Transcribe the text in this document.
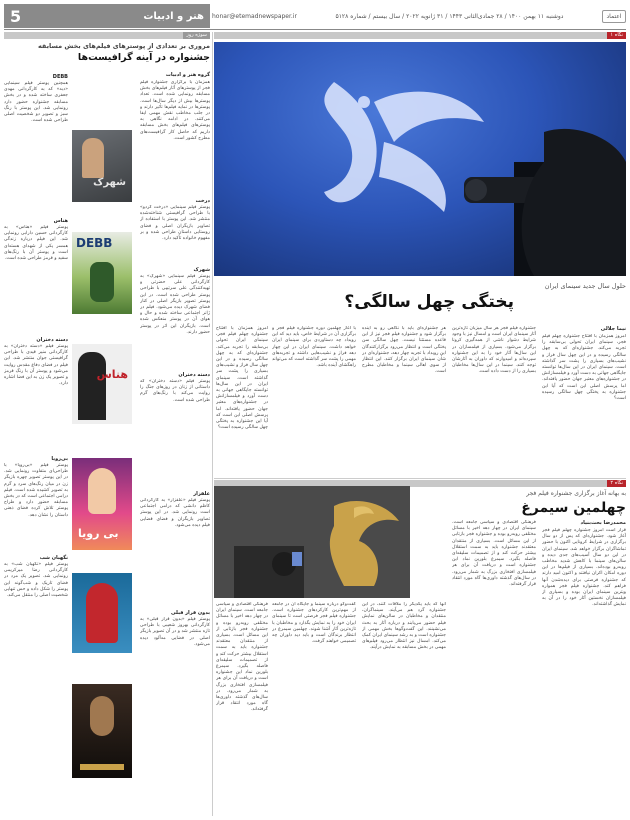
5	هنر و ادبیات honar@etemadnewspaper.ir	دوشنبه ۱۱ بهمن ۱۴۰۰ / ۲۸ جمادی‌الثانی ۱۴۴۳ / ۳۱ ژانویه ۲۰۲۲ / سال بیستم / شماره ۵۱۲۸	اعتماد
سوژه روز
مروری بر تعدادی از پوسترهای فیلم‌های بخش مسابقه
جشنواره در آینه گرافیست‌ها
گروه هنر و ادبیات
همزمان با برگزاری جشنواره فیلم فجر از پوسترهای آثار فیلم‌های بخش مسابقه رونمایی شده است. تعداد پوسترها بیش از دیگر سال‌ها است. پوسترها در نمایه فیلم‌ها تأثیر دارند و در جلب مخاطب نقش مهمی ایفا می‌کنند. در ادامه نگاهی به پوسترهای فیلم‌های بخش مسابقه داریم که حاصل کار گرافیست‌های مطرح کشور است.
شهرک
DEBB
هناس
بی رویا
درخت
پوستر فیلم سینمایی «درخت گردو» با طراحی گرافیستی شناخته‌شده منتشر شد. این پوستر با استفاده از تصاویر بازیگران اصلی و فضای روستایی داستان طراحی شده و بر مفهوم خانواده تأکید دارد.
شهرک
پوستر فیلم سینمایی «شهرک» به کارگردانی علی حضرتی و تهیه‌کنندگی علی سرتیپی با طراحی پوستر طراحی شده است. در این پوستر تصویر بازیگر اصلی در کنار فضای شهرک دیده می‌شود. فیلم در ژانر اجتماعی ساخته شده و حال و هوای آن در پوستر منعکس شده است. بازیگران این اثر در پوستر حضور دارند.
دسته دختران
پوستر فیلم «دسته دختران» که داستانی از زنان در روزهای جنگ را روایت می‌کند با رنگ‌های گرم طراحی شده است.
علفزار
پوستر فیلم «علفزار» به کارگردانی کاظم دانشی که درامی اجتماعی است رونمایی شد. در این پوستر تصاویر بازیگران و فضای قضایی فیلم دیده می‌شود.
بدون قرار قبلی
پوستر فیلم «بدون قرار قبلی» به کارگردانی بهروز شعیبی با طراحی تازه منتشر شد و در آن تصویر بازیگر اصلی در فضایی مه‌آلود دیده می‌شود.
DEBB
همچنین پوستر فیلم سینمایی «دبه» که به کارگردانی مهدی جعفری ساخته شده و در بخش مسابقه جشنواره حضور دارد رونمایی شد. این پوستر با رنگ سبز و تصویر دو شخصیت اصلی طراحی شده است.
هناس
پوستر فیلم «هناس» به کارگردانی حسین دارابی رونمایی شد. این فیلم درباره زندگی همسر یکی از شهدای هسته‌ای است و پوستر آن با رنگ‌های سفید و قرمز طراحی شده است.
دسته دختران
پوستر فیلم «دسته دختران» به کارگردانی منیر قیدی با طراحی گرافیستی جوان منتشر شد. این فیلم در فضای دفاع مقدس روایت می‌شود و پوستر آن با رنگ قرمز و تصویر یک زن به این فضا اشاره دارد.
بی‌رویا
پوستر فیلم «بی‌رویا» با طراحی‌ای متفاوت رونمایی شد. در این پوستر تصویر چهره بازیگر زن در میان رنگ‌های سرد و گرم به تصویر کشیده شده است. فیلم درامی اجتماعی است که در بخش مسابقه حضور دارد و طراح پوستر تلاش کرده فضای ذهنی داستان را نشان دهد.
نگهبان شب
پوستر فیلم «نگهبان شب» به کارگردانی رضا میرکریمی رونمایی شد. تصویر یک مرد در فضای تاریک و شب‌گونه این پوستر را شکل داده و حس تنهایی شخصیت اصلی را منتقل می‌کند.
نگاه ۱
حلول سال جدید سینمای ایران
پختگی چهل سالگی؟
نیما جلالی
امروز همزمان با افتتاح جشنواره چهلم فیلم فجر، سینمای ایران تحولی بی‌سابقه را تجربه می‌کند. جشنواره‌ای که به چهل سالگی رسیده و در این چهل سال فراز و نشیب‌های بسیاری را پشت سر گذاشته است. سینمای ایران در این سال‌ها توانسته جایگاهی جهانی به دست آورد و فیلمسازانش در جشنواره‌های معتبر جهان حضور یافته‌اند. اما پرسش اصلی این است که آیا این جشنواره به پختگی چهل سالگی رسیده است؟
جشنواره فیلم فجر هر سال میزبان تازه‌ترین آثار سینمای ایران است و امسال نیز با وجود شرایط دشوار ناشی از همه‌گیری کرونا برگزار می‌شود. بسیاری از فیلمسازان در این سال‌ها آثار خود را به این جشنواره سپرده‌اند و امیدوارند که داوران به آثارشان توجه کنند. سینما در این سال‌ها مخاطبان بسیاری را از دست داده است.
هر جشنواره‌ای باید با نگاهی رو به آینده برگزار شود و جشنواره فیلم فجر نیز از این قاعده مستثنا نیست. چهل سالگی سن پختگی است و انتظار می‌رود برگزارکنندگان این رویداد با تجربه چهار دهه، جشنواره‌ای در شأن سینمای ایران برگزار کنند. این انتظار از سوی اهالی سینما و مخاطبان مطرح است.
با آغاز چهلمین دوره جشنواره فیلم فجر و برگزاری آن در شرایط خاص، باید دید که این رویداد چه دستاوردی برای سینمای ایران خواهد داشت. سینمای ایران در این چهار دهه فراز و نشیب‌هایی داشته و تجربه‌های مهمی را پشت سر گذاشته است که می‌تواند راهگشای آینده باشد.
امروز همزمان با افتتاح جشنواره چهلم فیلم فجر، سینمای ایران تحولی بی‌سابقه را تجربه می‌کند. جشنواره‌ای که به چهل سالگی رسیده و در این چهل سال فراز و نشیب‌های بسیاری را پشت سر گذاشته است. سینمای ایران در این سال‌ها توانسته جایگاهی جهانی به دست آورد و فیلمسازانش در جشنواره‌های معتبر جهان حضور یافته‌اند. اما پرسش اصلی این است که آیا این جشنواره به پختگی چهل سالگی رسیده است؟
نگاه ۲
به بهانه آغاز برگزاری جشنواره فیلم فجر
چهلمین سیمرغ
محمدرضا بحث‌بنیاد
قرار است امروز جشنواره چهلم فیلم فجر آغاز شود. جشنواره‌ای که پس از دو سال برگزاری در شرایط کرونایی اکنون با حضور تماشاگران برگزار خواهد شد. سینمای ایران در این دو سال آسیب‌های جدی دیده و سالن‌های سینما با کاهش شدید مخاطب روبه‌رو بوده‌اند. بسیاری از فیلم‌ها در این دوره امکان اکران نیافتند و اکنون امید دارند که جشنواره فرصتی برای دیده‌شدن آنها فراهم کند. جشنواره فیلم فجر همواره ویترین سینمای ایران بوده و بسیاری از فیلمسازان نخستین آثار خود را در آن به نمایش گذاشته‌اند.
فرهنگی اقتصادی و سیاسی جامعه است. سینمای ایران در چهار دهه اخیر با مسائل مختلفی روبه‌رو بوده و جشنواره فجر بازتابی از این مسائل است. بسیاری از منتقدان معتقدند جشنواره باید به سمت استقلال بیشتر حرکت کند و از تصمیمات سلیقه‌ای فاصله بگیرد. سیمرغ بلورین نماد این جشنواره است و دریافت آن برای هر فیلمسازی افتخاری بزرگ به شمار می‌رود. در سال‌های گذشته داوری‌ها گاه مورد انتقاد قرار گرفته‌اند.
آنها که باید یکدیگر را ملاقات کنند، در این جشنواره گرد هم می‌آیند. سینماگران، منتقدان و مخاطبان در سالن‌های نمایش فیلم حضور می‌یابند و درباره آثار به بحث می‌نشینند. این گفت‌وگوها بخش مهمی از جشنواره است و به رشد سینمای ایران کمک می‌کند. امسال نیز انتظار می‌رود فیلم‌های مهمی در بخش مسابقه به نمایش درآیند.
گفت‌وگو درباره سینما و جایگاه آن در جامعه از مهم‌ترین کارکردهای جشنواره است. جشنواره فیلم فجر فرصتی است تا سینمای ایران خود را به نمایش بگذارد و مخاطبان با تازه‌ترین آثار آشنا شوند. چهلمین سیمرغ در انتظار برندگان است و باید دید داوران چه تصمیمی خواهند گرفت.
فرهنگی اقتصادی و سیاسی جامعه است. سینمای ایران در چهار دهه اخیر با مسائل مختلفی روبه‌رو بوده و جشنواره فجر بازتابی از این مسائل است. بسیاری از منتقدان معتقدند جشنواره باید به سمت استقلال بیشتر حرکت کند و از تصمیمات سلیقه‌ای فاصله بگیرد. سیمرغ بلورین نماد این جشنواره است و دریافت آن برای هر فیلمسازی افتخاری بزرگ به شمار می‌رود. در سال‌های گذشته داوری‌ها گاه مورد انتقاد قرار گرفته‌اند.
